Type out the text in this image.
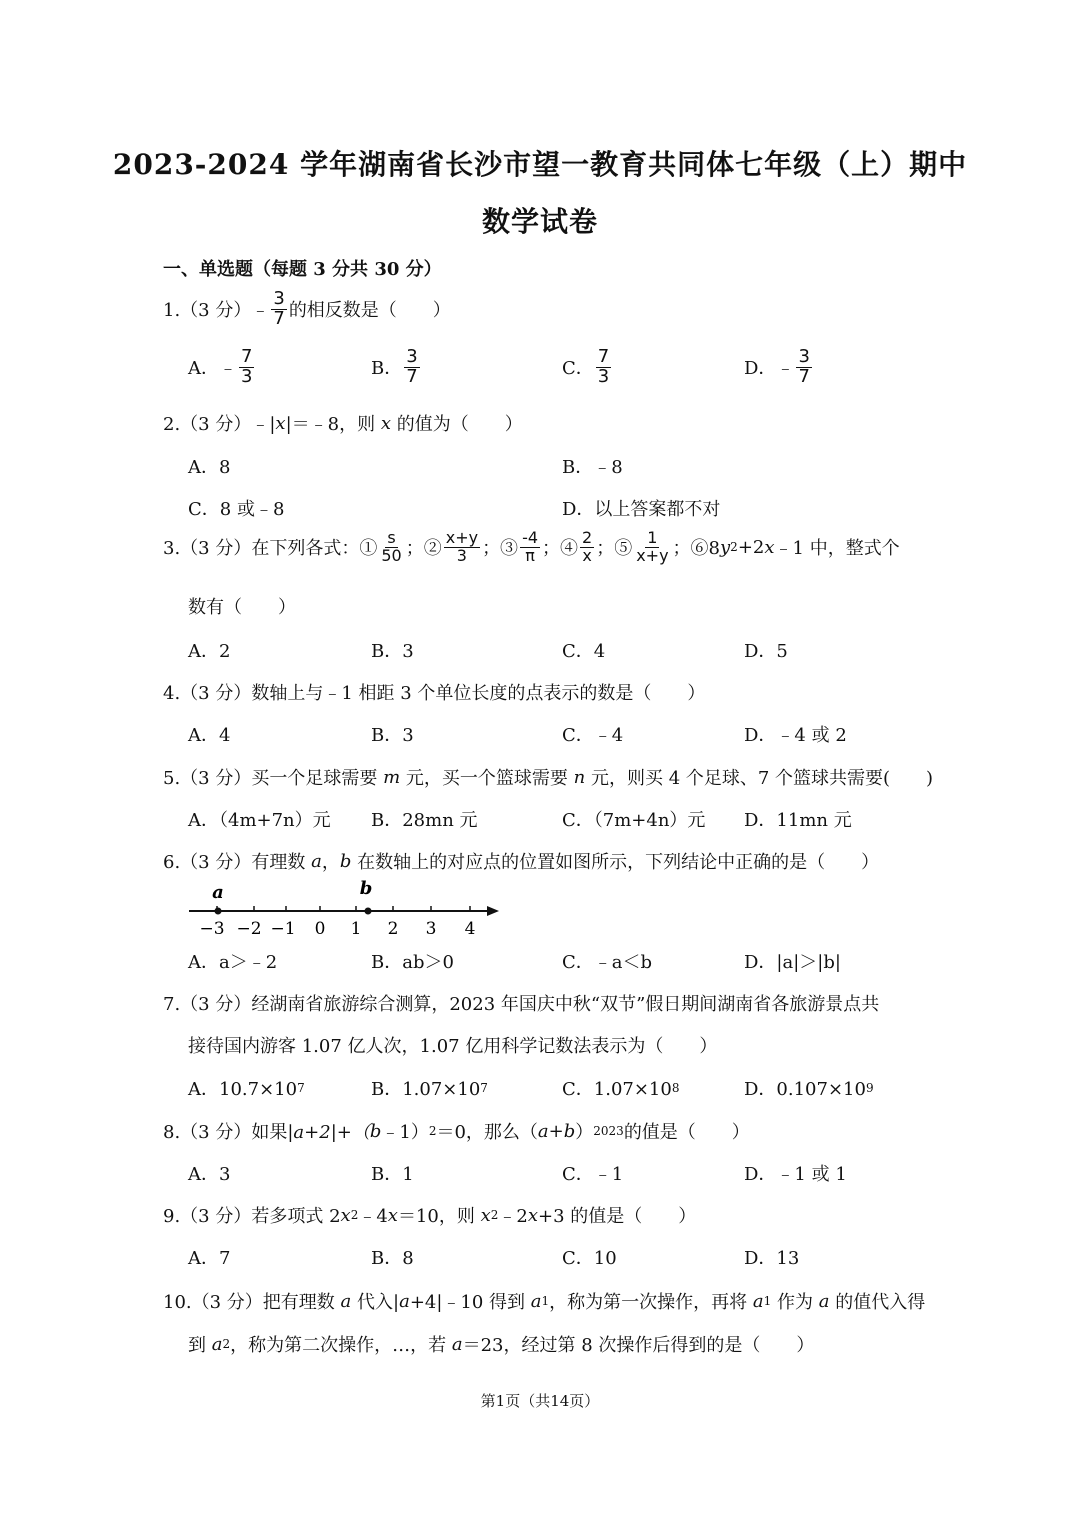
2023-2024 学年湖南省长沙市望一教育共同体七年级（上）期中
数学试卷
一、单选题（每题 3 分共 30 分）
1.（3 分）﹣ $\frac{3}{7}$ 的相反数是（　　）
A．﹣ $\frac{7}{3}$	B． $\frac{3}{7}$	C． $\frac{7}{3}$	D．﹣ $\frac{3}{7}$
2.（3 分）﹣| x |＝﹣8，则
x
的值为（　　）
A．8	B．﹣8
C．8 或﹣8	D．以上答案都不对
3.（3 分）在下列各式：① $\frac{s}{50}$ ；② $\frac{x+y}{3}$ ；③ $\frac{-4}{\pi}$ ；④ $\frac{2}{x}$ ；⑤ $\frac{1}{x+y}$ ；⑥8 y 2 +2 x ﹣1 中，整式个
数有（　　）
A．2	B．3	C．4	D．5
4.（3 分）数轴上与﹣1 相距 3 个单位长度的点表示的数是（　　）
A．4	B．3	C．﹣4	D．﹣4 或 2
5.（3 分）买一个足球需要
m
元，买一个篮球需要
n
元，则买 4 个足球、7 个篮球共需要(　　)
A．（4m+7n）元 B．28mn 元	C．（7m+4n）元 D．11mn 元
6.（3 分）有理数
a ， b
在数轴上的对应点的位置如图所示，下列结论中正确的是（　　）
−3 −2 −1 0 1 2 3 4
a	b
A．a＞﹣2	B．ab＞0	C．﹣a＜b	D．|a|＞|b|
7.（3 分）经湖南省旅游综合测算，2023 年国庆中秋“双节”假日期间湖南省各旅游景点共
接待国内游客 1.07 亿人次，1.07 亿用科学记数法表示为（　　）
A．10.7×10 7	B．1.07×10 7	C．1.07×10 8	D．0.107×10 9
8.（3 分）如果| a+2|+（ b ﹣1） 2 ＝0，那么（ a+b ） 2023 的值是（　　）
A．3	B．1	C．﹣1	D．﹣1 或 1
9.（3 分）若多项式 2 x 2 ﹣4 x ＝10，则
x 2 ﹣2 x +3 的值是（　　）
A．7	B．8	C．10	D．13
10.（3 分）把有理数
a
代入| a +4|﹣10 得到
a 1 ，称为第一次操作，再将
a 1
作为
a
的值代入得
到
a 2 ，称为第二次操作，…，若
a ＝23，经过第 8 次操作后得到的是（　　）
第1页（共14页）
